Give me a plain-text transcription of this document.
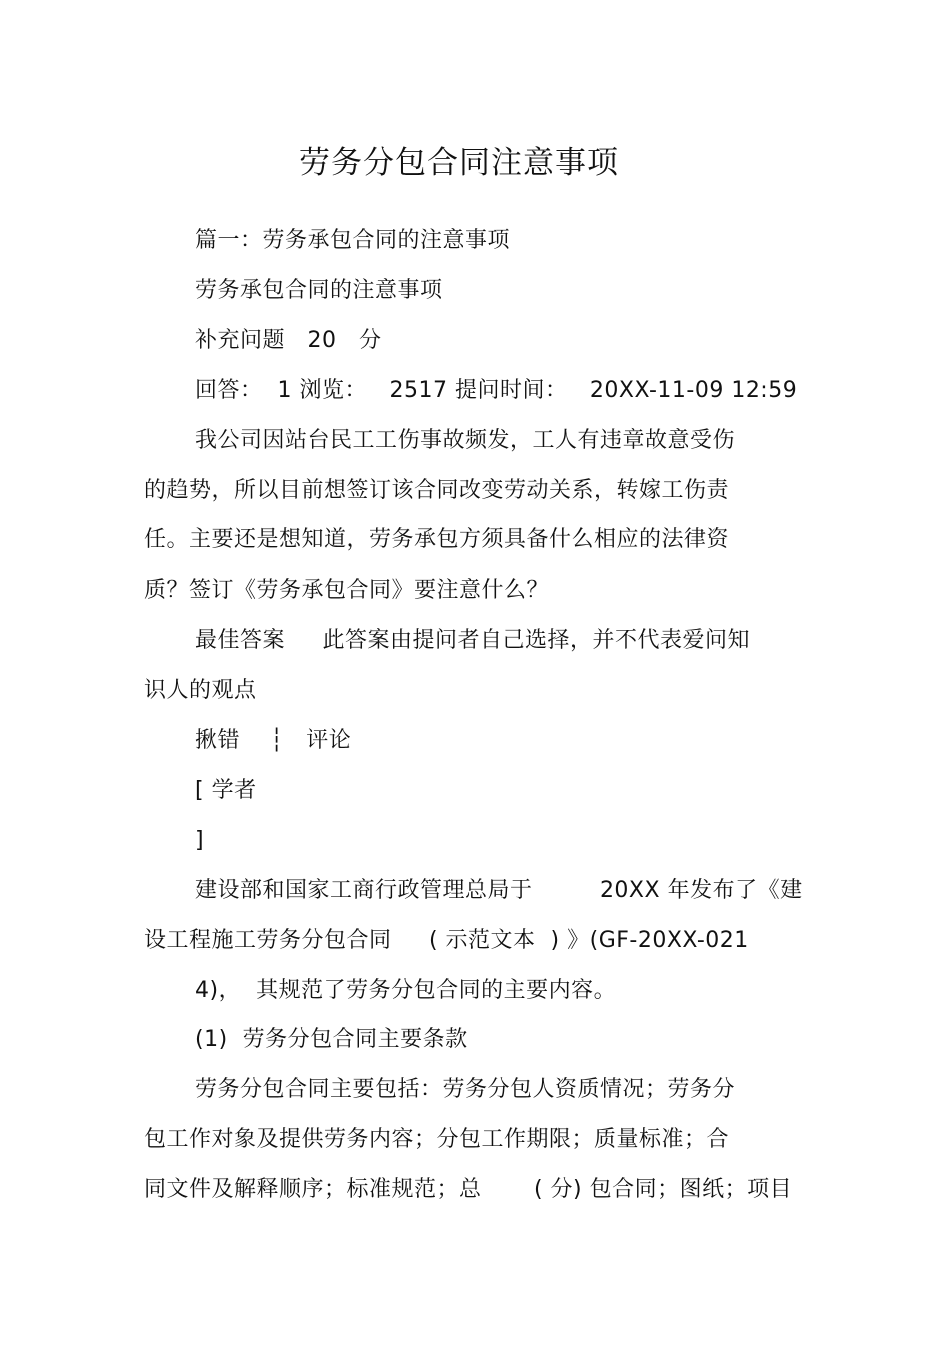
劳务分包合同注意事项
篇一：劳务承包合同的注意事项
劳务承包合同的注意事项
补充问题   20   分
回答：  1 浏览：   2517 提问时间：   20XX-11-09 12:59
我公司因站台民工工伤事故频发，工人有违章故意受伤
的趋势，所以目前想签订该合同改变劳动关系，转嫁工伤责
任。主要还是想知道，劳务承包方须具备什么相应的法律资
质？签订《劳务承包合同》要注意什么？
最佳答案     此答案由提问者自己选择，并不代表爱问知
识人的观点
揪错    ┆   评论
[ 学者
]
建设部和国家工商行政管理总局于         20XX 年发布了《建
设工程施工劳务分包合同     ( 示范文本  ) 》(GF-20XX-021
4)，  其规范了劳务分包合同的主要内容。
(1)  劳务分包合同主要条款
劳务分包合同主要包括：劳务分包人资质情况；劳务分
包工作对象及提供劳务内容；分包工作期限；质量标准；合
同文件及解释顺序；标准规范；总       ( 分) 包合同；图纸；项目
